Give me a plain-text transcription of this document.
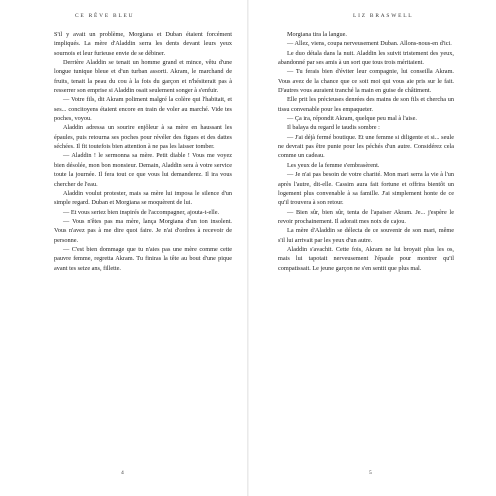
CE RÊVE BLEU

S'il y avait un problème, Morgiana et Duban étaient forcément impliqués. La mère d'Aladdin serra les dents devant leurs yeux sournois et leur furieuse envie de se débiner.

Derrière Aladdin se tenait un homme grand et mince, vêtu d'une longue tunique bleue et d'un turban assorti. Akram, le marchand de fruits, tenait la peau du cou à la fois du garçon et n'hésiterait pas à resserrer son emprise si Aladdin osait seulement songer à s'enfuir.

— Votre fils, dit Akram poliment malgré la colère qui l'habitait, et ses... concitoyens étaient encore en train de voler au marché. Vide tes poches, voyou.

Aladdin adressa un sourire enjôleur à sa mère en haussant les épaules, puis retourna ses poches pour révéler des figues et des dattes séchées. Il fit toutefois bien attention à ne pas les laisser tomber.

— Aladdin ! le sermonna sa mère. Petit diable ! Vous me voyez bien désolée, mon bon monsieur. Demain, Aladdin sera à votre service toute la journée. Il fera tout ce que vous lui demanderez. Il ira vous chercher de l'eau.

Aladdin voulut protester, mais sa mère lui imposa le silence d'un simple regard. Duban et Morgiana se moquèrent de lui.

— Et vous seriez bien inspirés de l'accompagner, ajouta-t-elle.

— Vous n'êtes pas ma mère, lança Morgiana d'un ton insolent. Vous n'avez pas à me dire quoi faire. Je n'ai d'ordres à recevoir de personne.

— C'est bien dommage que tu n'aies pas une mère comme cette pauvre femme, regretta Akram. Tu finiras la tête au bout d'une pique avant tes seize ans, fillette.

4
LIZ BRASWELL

Morgiana tira la langue.

— Allez, viens, coupa nerveusement Duban. Allons-nous-en d'ici.

Le duo détala dans la nuit. Aladdin les suivit tristement des yeux, abandonné par ses amis à un sort que tous trois méritaient.

— Tu ferais bien d'éviter leur compagnie, lui conseilla Akram. Vous avez de la chance que ce soit moi qui vous aie pris sur le fait. D'autres vous auraient tranché la main en guise de châtiment.

Elle prit les précieuses denrées des mains de son fils et chercha un tissu convenable pour les empaqueter.

— Ça ira, répondit Akram, quelque peu mal à l'aise.

Il balaya du regard le taudis sombre :

— J'ai déjà fermé boutique. Et une femme si diligente et si... seule ne devrait pas être punie pour les péchés d'un autre. Considérez cela comme un cadeau.

Les yeux de la femme s'embrasèrent.

— Je n'ai pas besoin de votre charité. Mon mari serra la vie à l'un après l'autre, dit-elle. Cassim aura fait fortune et offrira bientôt un logement plus convenable à sa famille. J'ai simplement honte de ce qu'il trouvera à son retour.

— Bien sûr, bien sûr, tenta de l'apaiser Akram. Je... j'espère le revoir prochainement. Il adorait mes noix de cajou.

La mère d'Aladdin se délecta de ce souvenir de son mari, même s'il lui arrivait par les yeux d'un autre.

Aladdin s'avachit. Cette fois, Akram ne lui broyait plus les os, mais lui tapotait nerveusement l'épaule pour montrer qu'il compatissait. Le jeune garçon ne s'en sentit que plus mal.

5
